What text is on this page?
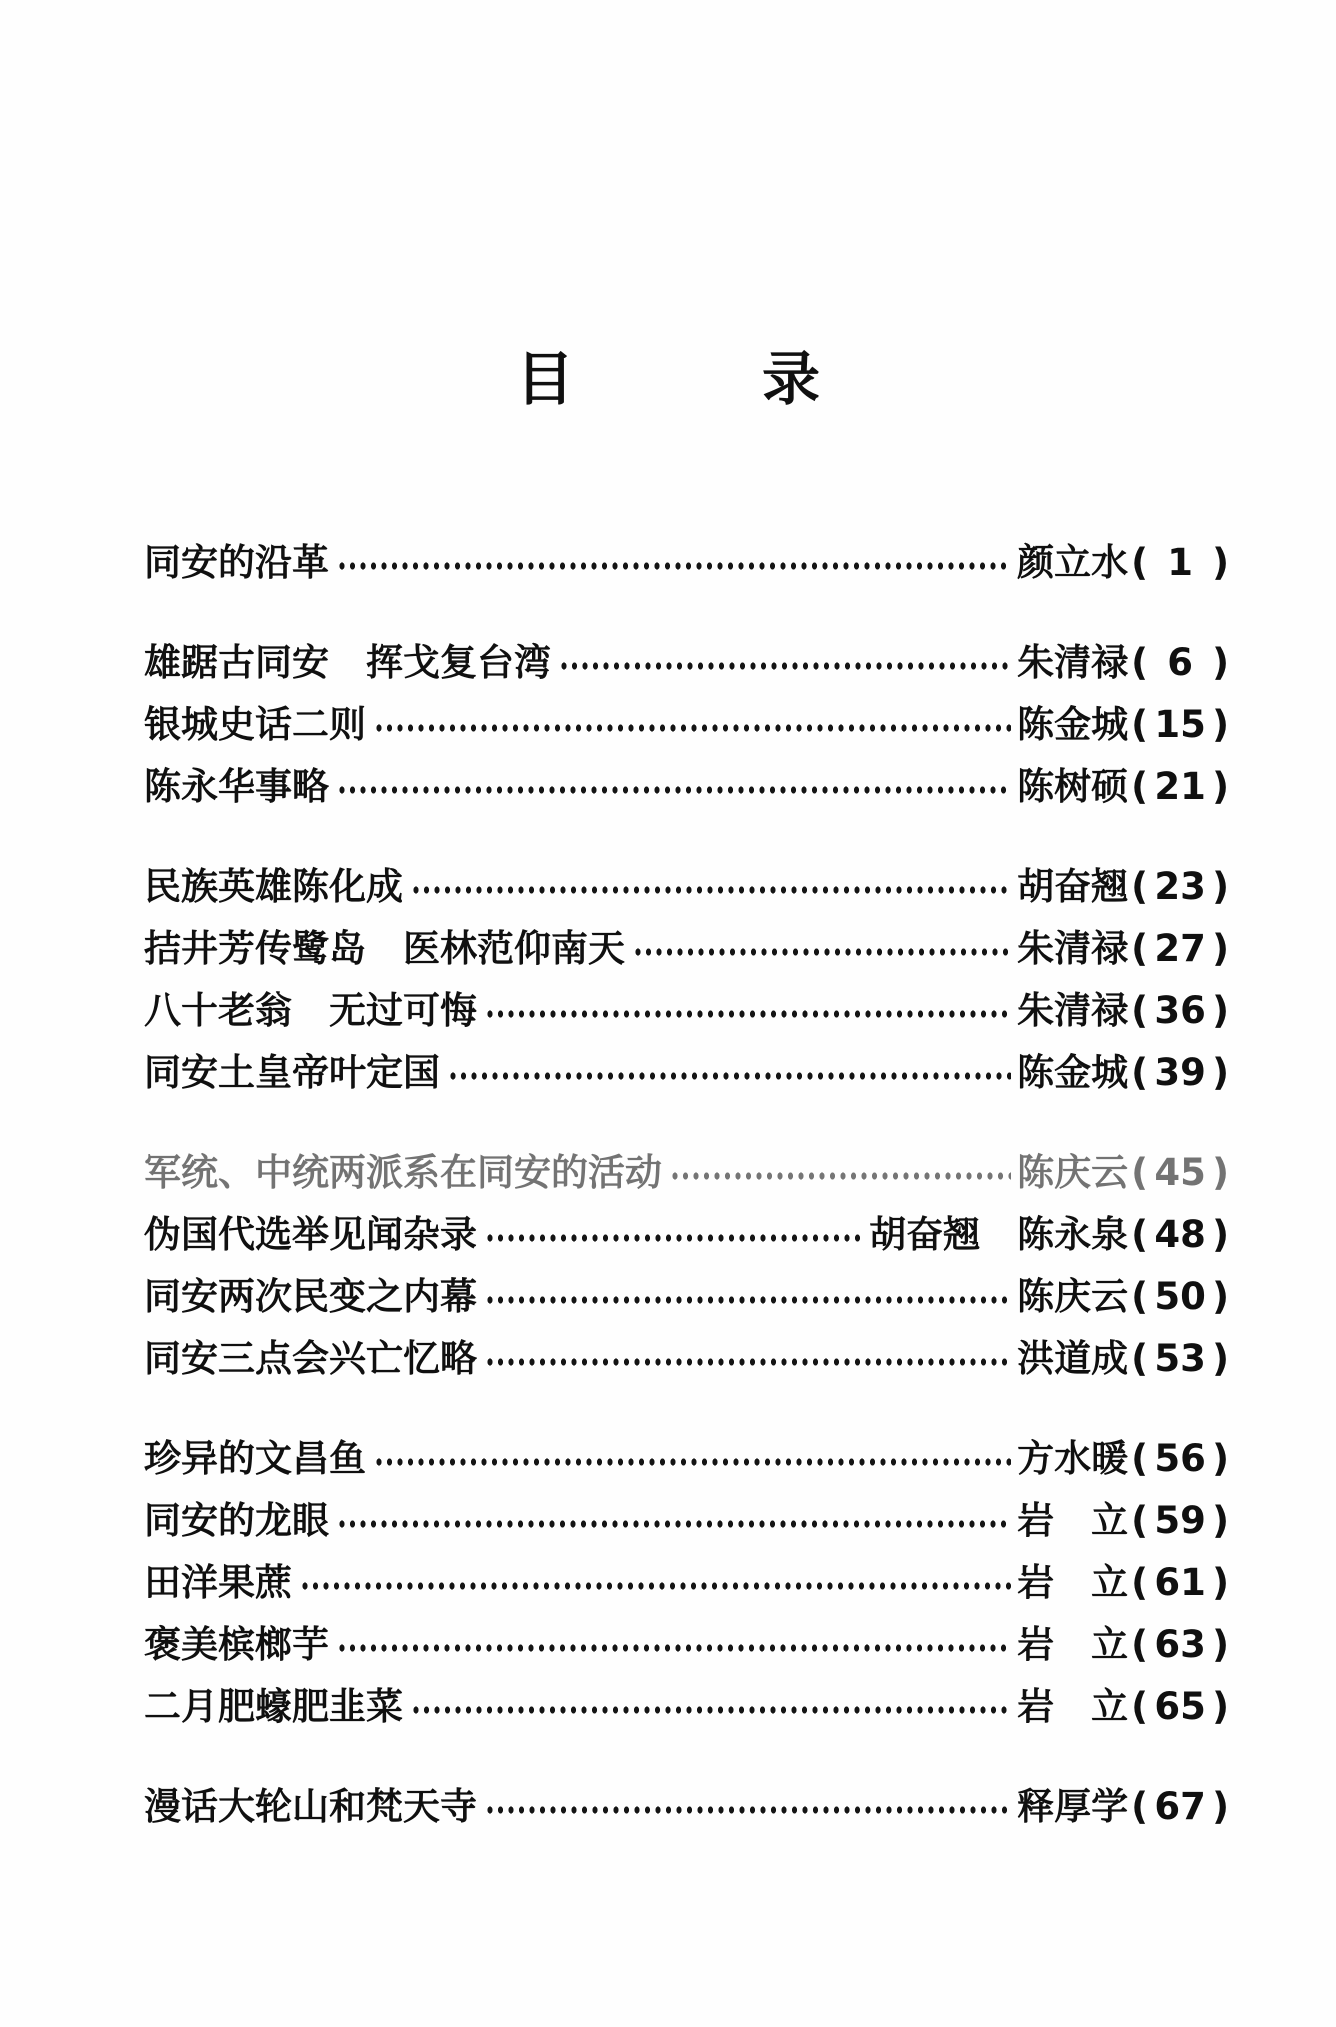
目	录
同安的沿革	颜立水 ( 1 )
雄踞古同安　挥戈复台湾	朱清禄 ( 6 )
银城史话二则	陈金城 ( 15 )
陈永华事略	陈树硕 ( 21 )
民族英雄陈化成	胡奋翘 ( 23 )
拮井芳传鹭岛　医林范仰南天	朱清禄 ( 27 )
八十老翁　无过可悔	朱清禄 ( 36 )
同安土皇帝叶定国	陈金城 ( 39 )
军统、中统两派系在同安的活动	陈庆云 ( 45 )
伪国代选举见闻杂录	胡奋翘　陈永泉 ( 48 )
同安两次民变之内幕	陈庆云 ( 50 )
同安三点会兴亡忆略	洪道成 ( 53 )
珍异的文昌鱼	方水暖 ( 56 )
同安的龙眼	岩　立 ( 59 )
田洋果蔗	岩　立 ( 61 )
褒美槟榔芋	岩　立 ( 63 )
二月肥蠔肥韭菜	岩　立 ( 65 )
漫话大轮山和梵天寺	释厚学 ( 67 )
